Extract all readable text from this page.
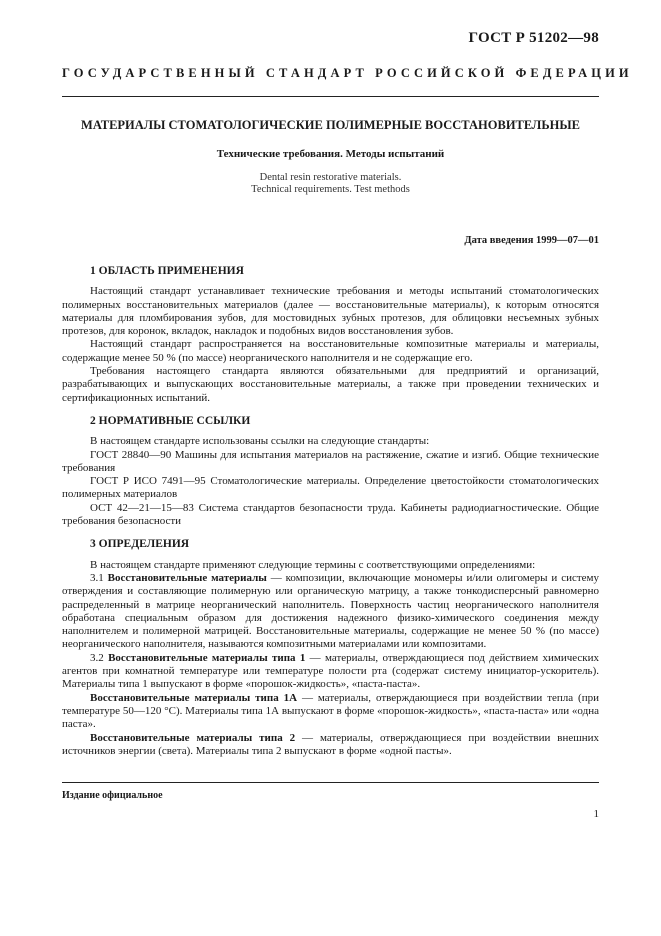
ГОСТ Р 51202—98
ГОСУДАРСТВЕННЫЙ СТАНДАРТ РОССИЙСКОЙ ФЕДЕРАЦИИ
МАТЕРИАЛЫ СТОМАТОЛОГИЧЕСКИЕ ПОЛИМЕРНЫЕ ВОССТАНОВИТЕЛЬНЫЕ
Технические требования. Методы испытаний
Dental resin restorative materials.
Technical requirements. Test methods
Дата введения 1999—07—01
1 ОБЛАСТЬ ПРИМЕНЕНИЯ

Настоящий стандарт устанавливает технические требования и методы испытаний стоматологических полимерных восстановительных материалов (далее — восстановительные материалы), к которым относятся материалы для пломбирования зубов, для мостовидных зубных протезов, для облицовки несъемных зубных протезов, для коронок, вкладок, накладок и подобных видов восстановления зубов.

Настоящий стандарт распространяется на восстановительные композитные материалы и материалы, содержащие менее 50 % (по массе) неорганического наполнителя и не содержащие его.

Требования настоящего стандарта являются обязательными для предприятий и организаций, разрабатывающих и выпускающих восстановительные материалы, а также при проведении технических и сертификационных испытаний.

2 НОРМАТИВНЫЕ ССЫЛКИ

В настоящем стандарте использованы ссылки на следующие стандарты:

ГОСТ 28840—90 Машины для испытания материалов на растяжение, сжатие и изгиб. Общие технические требования

ГОСТ Р ИСО 7491—95 Стоматологические материалы. Определение цветостойкости стоматологических полимерных материалов

ОСТ 42—21—15—83 Система стандартов безопасности труда. Кабинеты радиодиагностические. Общие требования безопасности

3 ОПРЕДЕЛЕНИЯ

В настоящем стандарте применяют следующие термины с соответствующими определениями:

3.1 Восстановительные материалы — композиции, включающие мономеры и/или олигомеры и систему отверждения и составляющие полимерную или органическую матрицу, а также тонкодисперсный равномерно распределенный в матрице неорганический наполнитель. Поверхность частиц неорганического наполнителя обработана специальным образом для достижения надежного физико-химического соединения между наполнителем и полимерной матрицей. Восстановительные материалы, содержащие не менее 50 % (по массе) неорганического наполнителя, называются композитными материалами или композитами.

3.2 Восстановительные материалы типа 1 — материалы, отверждающиеся под действием химических агентов при комнатной температуре или температуре полости рта (содержат систему инициатор-ускоритель). Материалы типа 1 выпускают в форме «порошок-жидкость», «паста-паста».

Восстановительные материалы типа 1А — материалы, отверждающиеся при воздействии тепла (при температуре 50—120 °С). Материалы типа 1А выпускают в форме «порошок-жидкость», «паста-паста» или «одна паста».

Восстановительные материалы типа 2 — материалы, отверждающиеся при воздействии внешних источников энергии (света). Материалы типа 2 выпускают в форме «одной пасты».

Издание официальное
1
